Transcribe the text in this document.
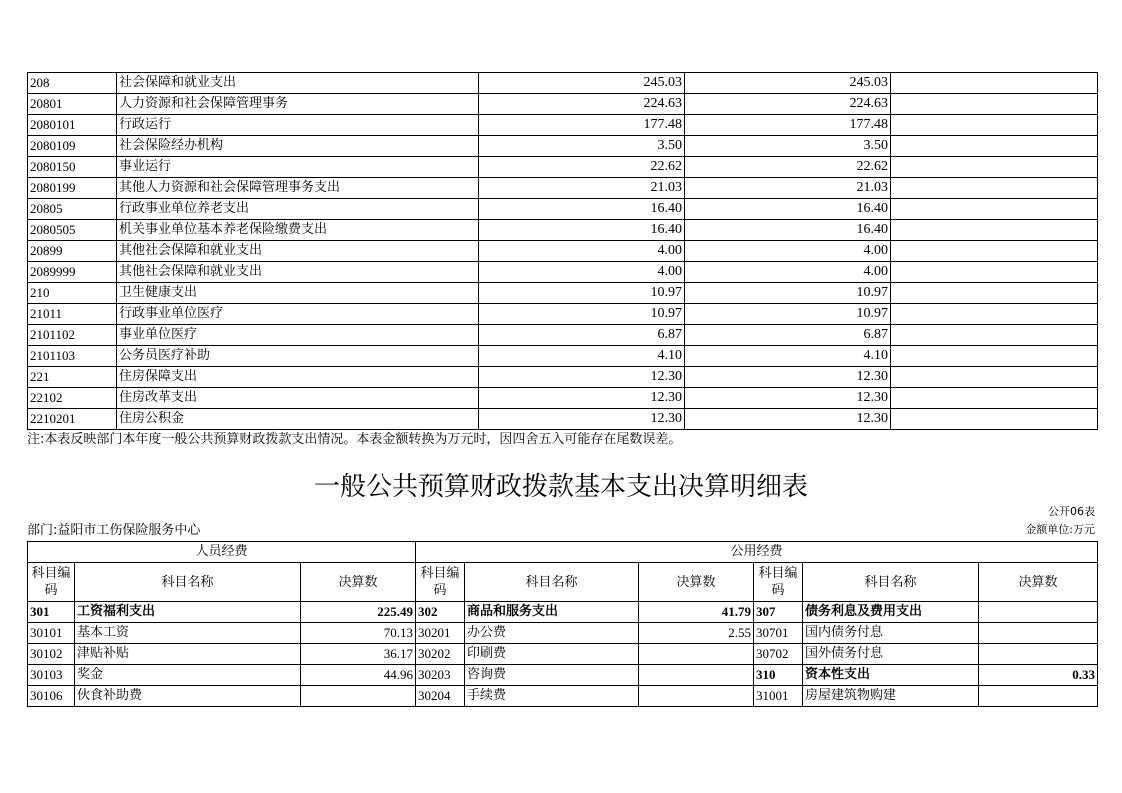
208	社会保障和就业支出	245.03	245.03	
20801	人力资源和社会保障管理事务	224.63	224.63	
2080101	行政运行	177.48	177.48	
2080109	社会保险经办机构	3.50	3.50	
2080150	事业运行	22.62	22.62	
2080199	其他人力资源和社会保障管理事务支出	21.03	21.03	
20805	行政事业单位养老支出	16.40	16.40	
2080505	机关事业单位基本养老保险缴费支出	16.40	16.40	
20899	其他社会保障和就业支出	4.00	4.00	
2089999	其他社会保障和就业支出	4.00	4.00	
210	卫生健康支出	10.97	10.97	
21011	行政事业单位医疗	10.97	10.97	
2101102	事业单位医疗	6.87	6.87	
2101103	公务员医疗补助	4.10	4.10	
221	住房保障支出	12.30	12.30	
22102	住房改革支出	12.30	12.30	
2210201	住房公积金	12.30	12.30	
注:本表反映部门本年度一般公共预算财政拨款支出情况。本表金额转换为万元时，因四舍五入可能存在尾数误差。
一般公共预算财政拨款基本支出决算明细表
公开06表
部门:益阳市工伤保险服务中心	金额单位:万元
人员经费			公用经费					
科目编码	科目名称	决算数	科目编码	科目名称	决算数	科目编码	科目名称	决算数
301	工资福利支出	225.49	302	商品和服务支出	41.79	307	债务利息及费用支出	
30101	基本工资	70.13	30201	办公费	2.55	30701	国内债务付息	
30102	津贴补贴	36.17	30202	印刷费		30702	国外债务付息	
30103	奖金	44.96	30203	咨询费		310	资本性支出	0.33
30106	伙食补助费		30204	手续费		31001	房屋建筑物购建	
